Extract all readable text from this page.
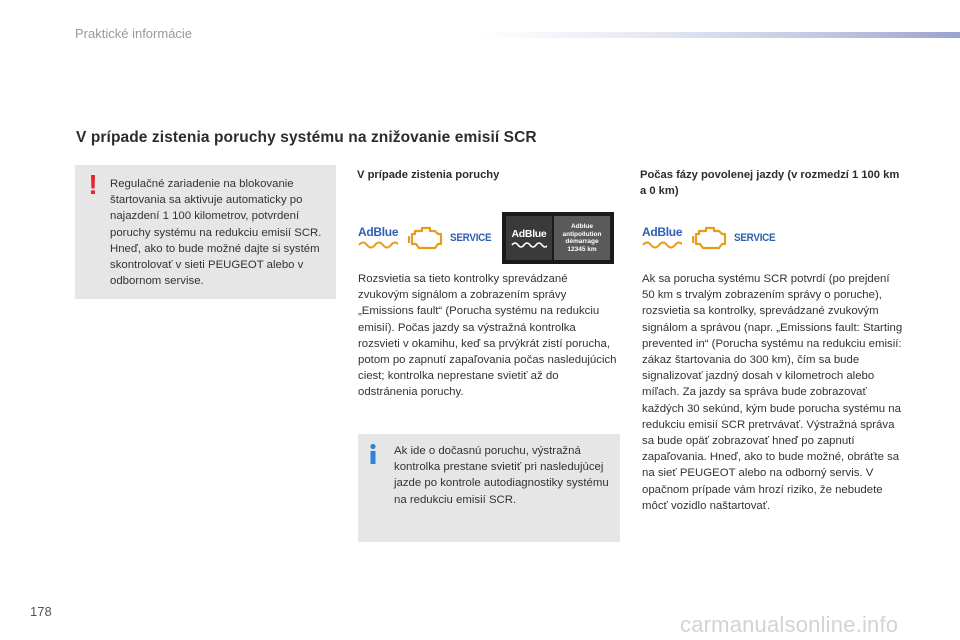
Praktické informácie
V prípade zistenia poruchy systému na znižovanie emisií SCR
! Regulačné zariadenie na blokovanie štartovania sa aktivuje automaticky po najazdení 1 100 kilometrov, potvrdení poruchy systému na redukciu emisií SCR. Hneď, ako to bude možné dajte si systém skontrolovať v sieti PEUGEOT alebo v odbornom servise.
V prípade zistenia poruchy
AdBlue	SERVICE AdBlue
Adblue
antipollution
démarrage
12345 km
Rozsvietia sa tieto kontrolky sprevádzané zvukovým signálom a zobrazením správy „Emissions fault“ (Porucha systému na redukciu emisií). Počas jazdy sa výstražná kontrolka rozsvieti v okamihu, keď sa prvýkrát zistí porucha, potom po zapnutí zapaľovania počas nasledujúcich ciest; kontrolka neprestane svietiť až do odstránenia poruchy.
Ak ide o dočasnú poruchu, výstražná kontrolka prestane svietiť pri nasledujúcej jazde po kontrole autodiagnostiky systému na redukciu emisií SCR.
Počas fázy povolenej jazdy (v rozmedzí 1 100 km a 0 km)
AdBlue	SERVICE
Ak sa porucha systému SCR potvrdí (po prejdení 50 km s trvalým zobrazením správy o poruche), rozsvietia sa kontrolky, sprevádzané zvukovým signálom a správou (napr. „Emissions fault: Starting prevented in“ (Porucha systému na redukciu emisií: zákaz štartovania do 300 km), čím sa bude signalizovať jazdný dosah v kilometroch alebo míľach. Za jazdy sa správa bude zobrazovať každých 30 sekúnd, kým bude porucha systému na redukciu emisií SCR pretrvávať. Výstražná správa sa bude opäť zobrazovať hneď po zapnutí zapaľovania. Hneď, ako to bude možné, obráťte sa na sieť PEUGEOT alebo na odborný servis. V opačnom prípade vám hrozí riziko, že nebudete môcť vozidlo naštartovať.
178
carmanualsonline.info
